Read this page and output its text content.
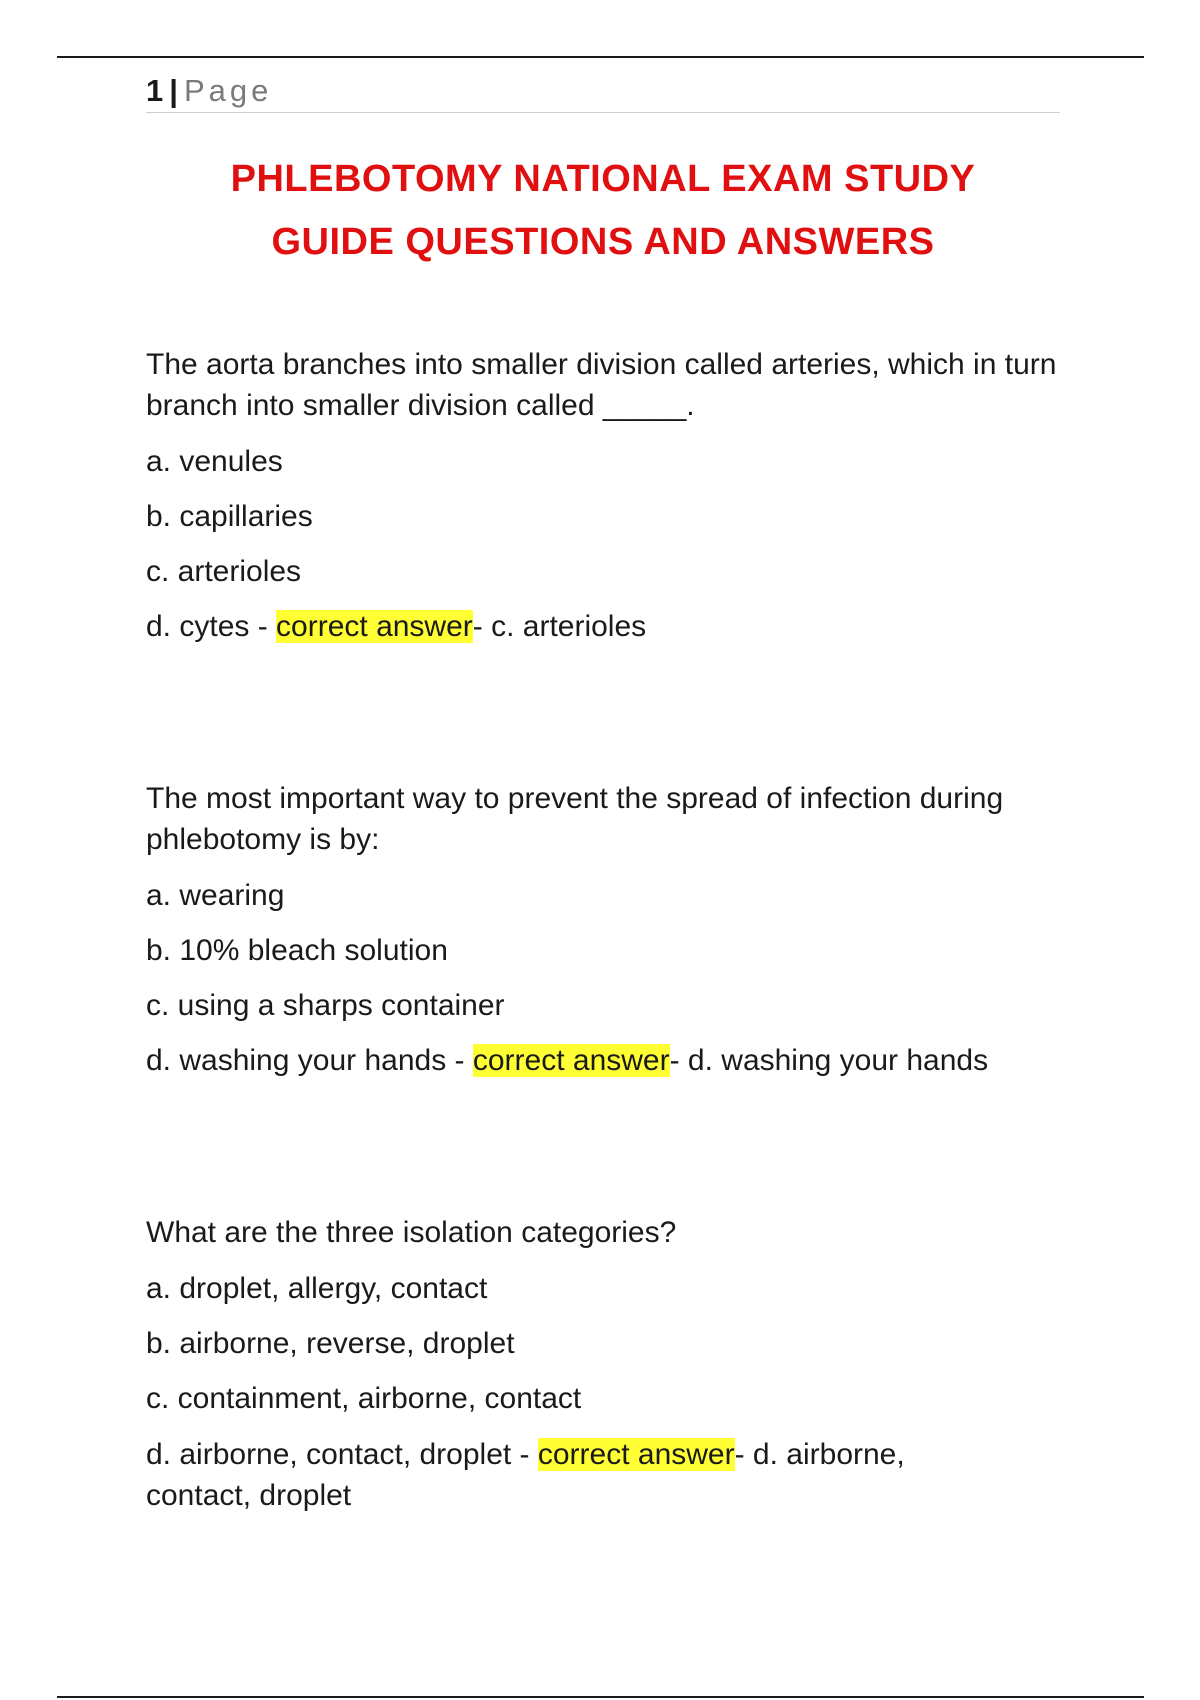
1 | Page
PHLEBOTOMY NATIONAL EXAM STUDY
GUIDE QUESTIONS AND ANSWERS

The aorta branches into smaller division called arteries, which in turn branch into smaller division called _____.

a. venules
b. capillaries
c. arterioles
d. cytes - correct answer- c. arterioles

The most important way to prevent the spread of infection during phlebotomy is by:

a. wearing
b. 10% bleach solution
c. using a sharps container
d. washing your hands - correct answer- d. washing your hands

What are the three isolation categories?

a. droplet, allergy, contact
b. airborne, reverse, droplet
c. containment, airborne, contact
d. airborne, contact, droplet - correct answer- d. airborne, contact, droplet
